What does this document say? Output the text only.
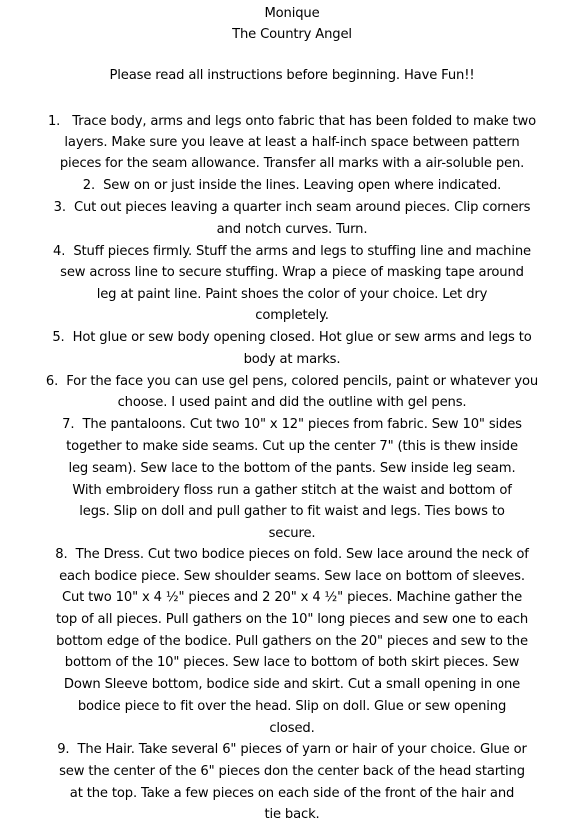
Monique
The Country Angel
Please read all instructions before beginning. Have Fun!!
1. Trace body, arms and legs onto fabric that has been folded to make two
layers. Make sure you leave at least a half-inch space between pattern
pieces for the seam allowance. Transfer all marks with a air-soluble pen.
2. Sew on or just inside the lines. Leaving open where indicated.
3. Cut out pieces leaving a quarter inch seam around pieces. Clip corners
and notch curves. Turn.
4. Stuff pieces firmly. Stuff the arms and legs to stuffing line and machine
sew across line to secure stuffing. Wrap a piece of masking tape around
leg at paint line. Paint shoes the color of your choice. Let dry
completely.
5. Hot glue or sew body opening closed. Hot glue or sew arms and legs to
body at marks.
6. For the face you can use gel pens, colored pencils, paint or whatever you
choose. I used paint and did the outline with gel pens.
7. The pantaloons. Cut two 10" x 12" pieces from fabric. Sew 10" sides
together to make side seams. Cut up the center 7" (this is thew inside
leg seam). Sew lace to the bottom of the pants. Sew inside leg seam.
With embroidery floss run a gather stitch at the waist and bottom of
legs. Slip on doll and pull gather to fit waist and legs. Ties bows to
secure.
8. The Dress. Cut two bodice pieces on fold. Sew lace around the neck of
each bodice piece. Sew shoulder seams. Sew lace on bottom of sleeves.
Cut two 10" x 4 ½" pieces and 2 20" x 4 ½" pieces. Machine gather the
top of all pieces. Pull gathers on the 10" long pieces and sew one to each
bottom edge of the bodice. Pull gathers on the 20" pieces and sew to the
bottom of the 10" pieces. Sew lace to bottom of both skirt pieces. Sew
Down Sleeve bottom, bodice side and skirt. Cut a small opening in one
bodice piece to fit over the head. Slip on doll. Glue or sew opening
closed.
9. The Hair. Take several 6" pieces of yarn or hair of your choice. Glue or
sew the center of the 6" pieces don the center back of the head starting
at the top. Take a few pieces on each side of the front of the hair and
tie back.
